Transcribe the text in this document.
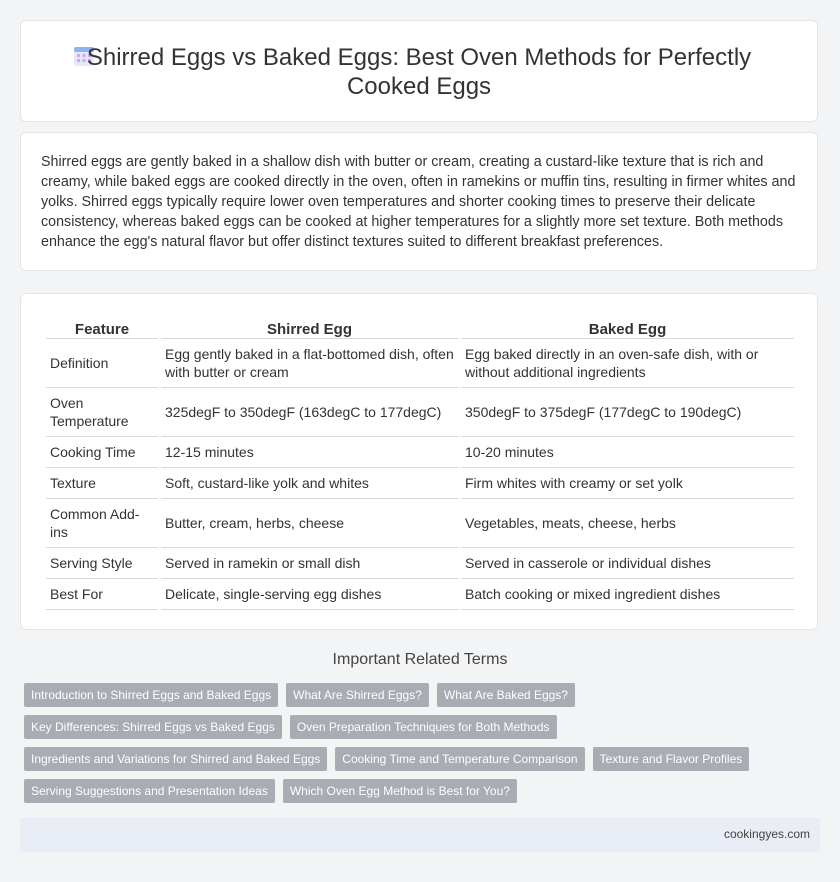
Shirred Eggs vs Baked Eggs: Best Oven Methods for Perfectly Cooked Eggs
Shirred eggs are gently baked in a shallow dish with butter or cream, creating a custard-like texture that is rich and creamy, while baked eggs are cooked directly in the oven, often in ramekins or muffin tins, resulting in firmer whites and yolks. Shirred eggs typically require lower oven temperatures and shorter cooking times to preserve their delicate consistency, whereas baked eggs can be cooked at higher temperatures for a slightly more set texture. Both methods enhance the egg's natural flavor but offer distinct textures suited to different breakfast preferences.
Feature	Shirred Egg	Baked Egg
Definition	Egg gently baked in a flat-bottomed dish, often with butter or cream	Egg baked directly in an oven-safe dish, with or without additional ingredients
Oven Temperature	325degF to 350degF (163degC to 177degC)	350degF to 375degF (177degC to 190degC)
Cooking Time	12-15 minutes	10-20 minutes
Texture	Soft, custard-like yolk and whites	Firm whites with creamy or set yolk
Common Add-ins	Butter, cream, herbs, cheese	Vegetables, meats, cheese, herbs
Serving Style	Served in ramekin or small dish	Served in casserole or individual dishes
Best For	Delicate, single-serving egg dishes	Batch cooking or mixed ingredient dishes
Important Related Terms
Introduction to Shirred Eggs and Baked Eggs	What Are Shirred Eggs?	What Are Baked Eggs?
Key Differences: Shirred Eggs vs Baked Eggs	Oven Preparation Techniques for Both Methods
Ingredients and Variations for Shirred and Baked Eggs	Cooking Time and Temperature Comparison	Texture and Flavor Profiles
Serving Suggestions and Presentation Ideas	Which Oven Egg Method is Best for You?
cookingyes.com
